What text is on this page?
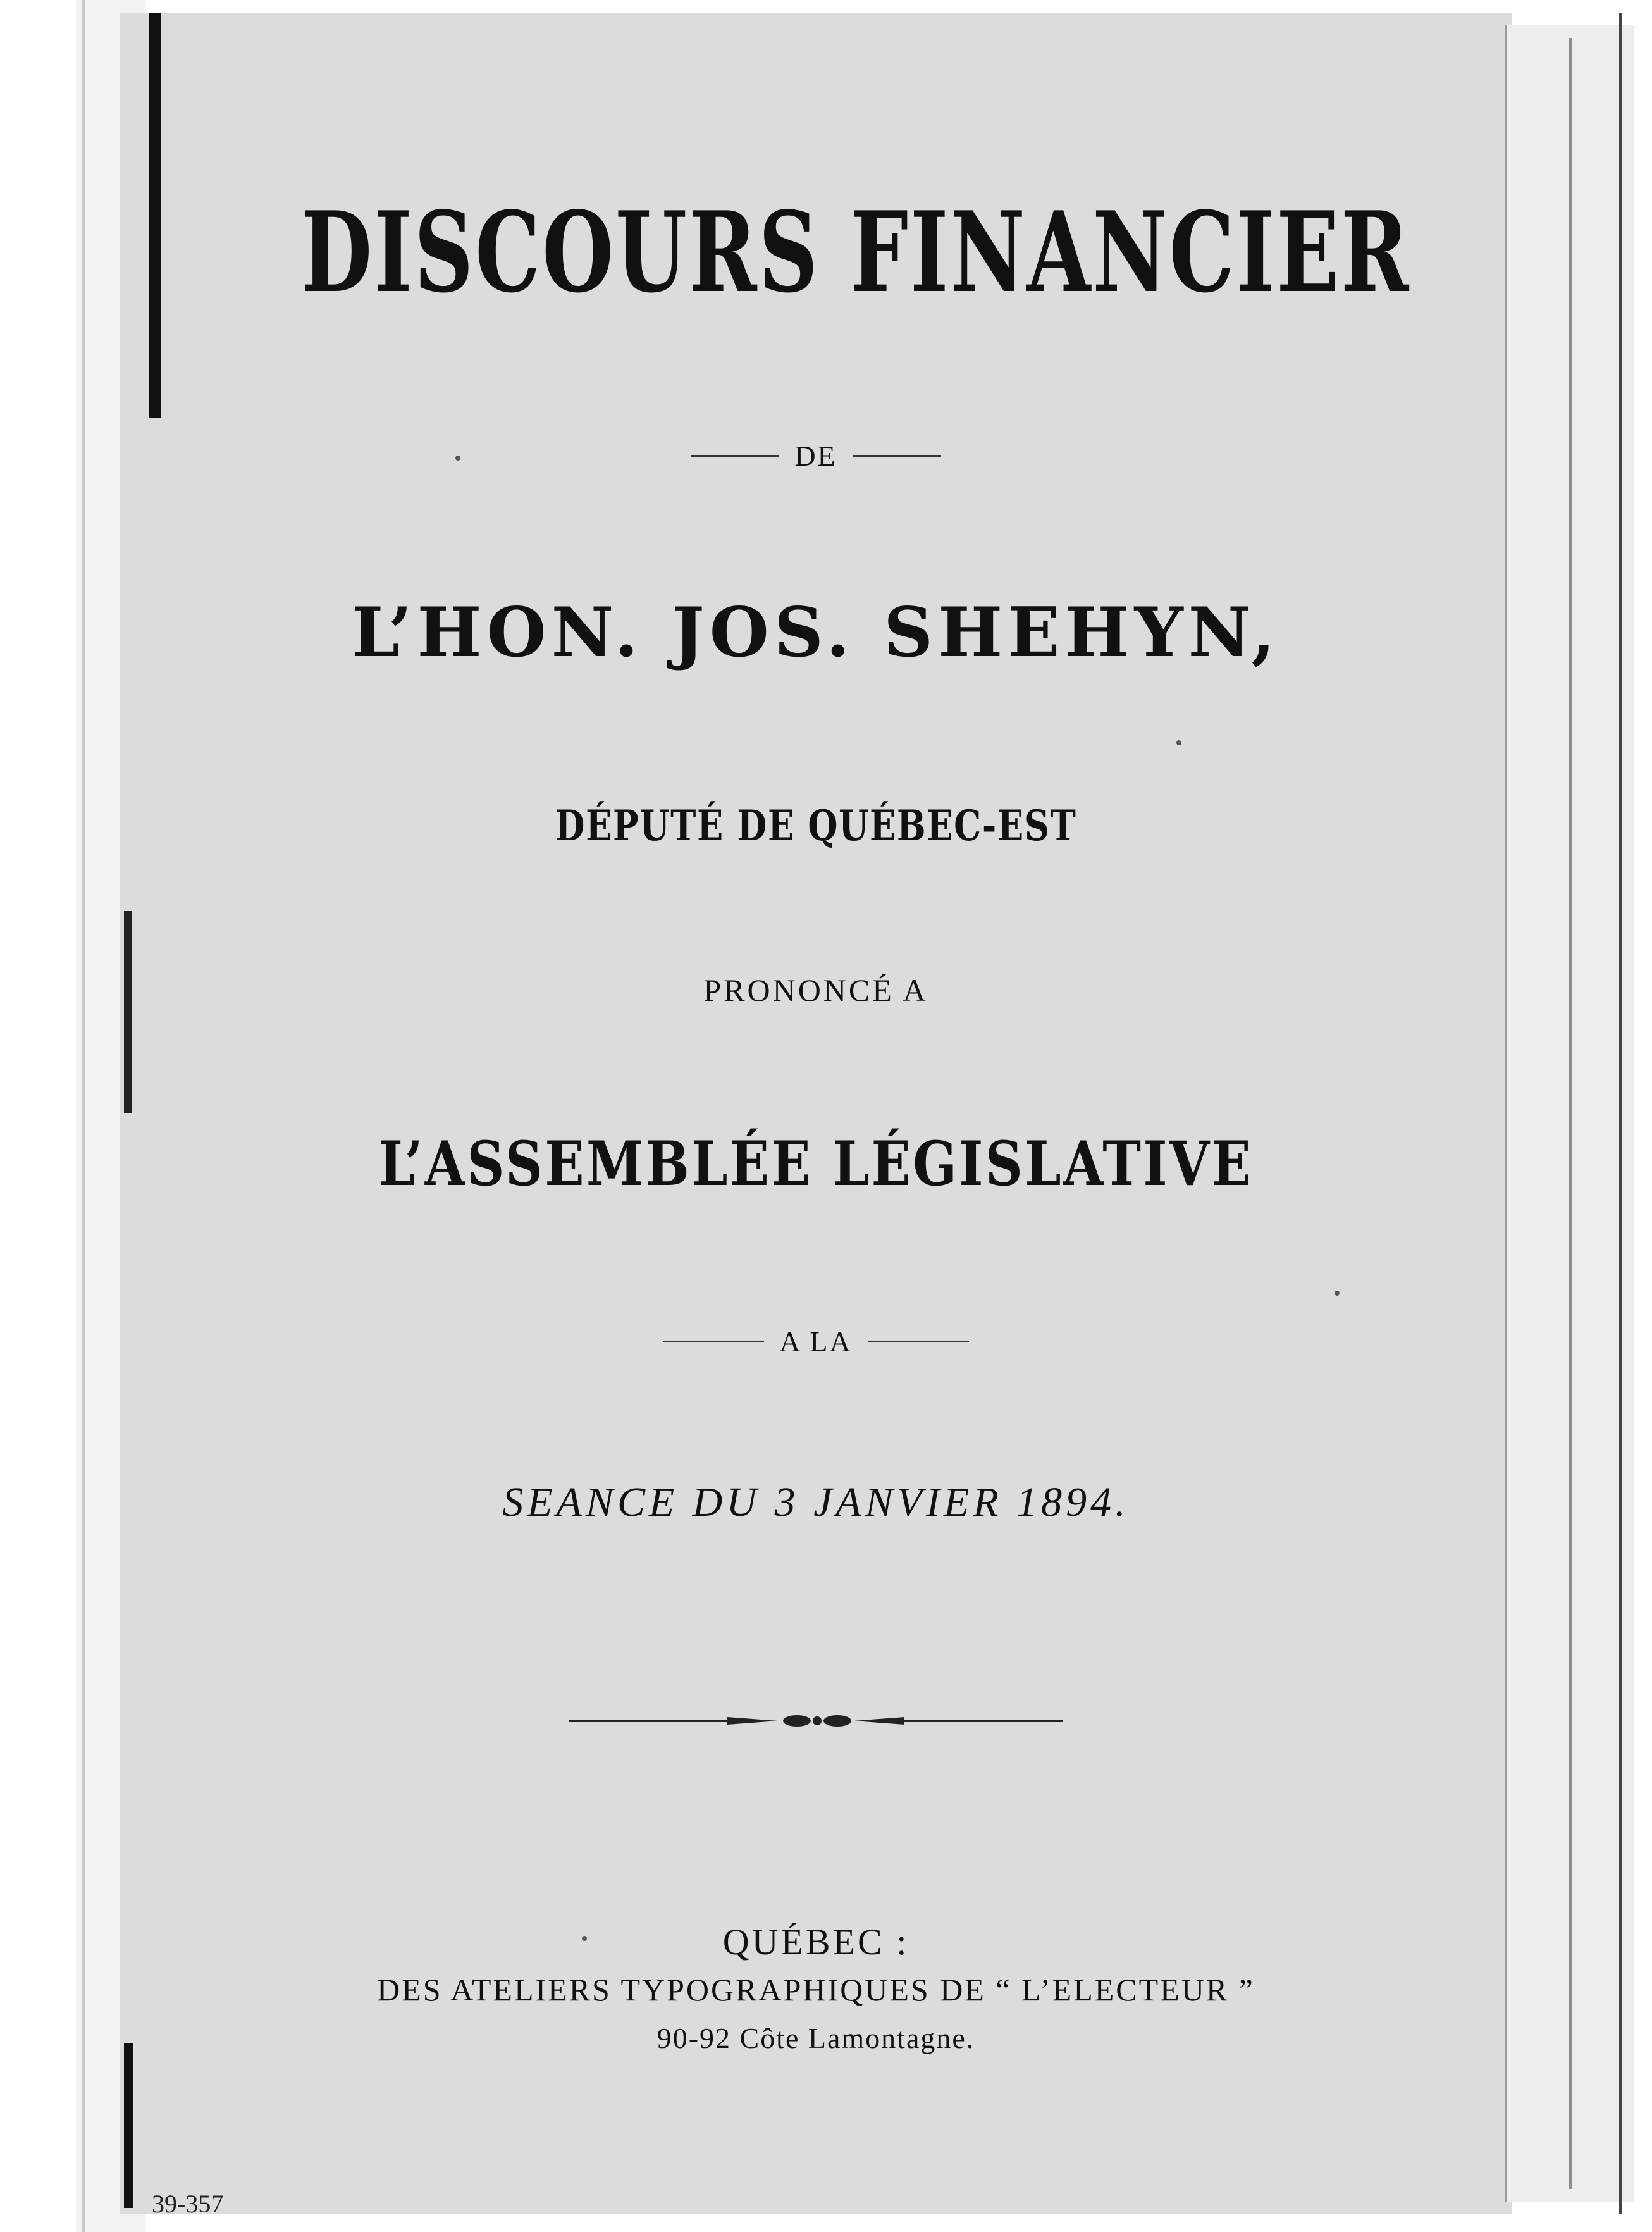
DISCOURS FINANCIER
DE
L’HON. JOS. SHEHYN,
DÉPUTÉ DE QUÉBEC-EST
PRONONCÉ A
L’ASSEMBLÉE LÉGISLATIVE
A LA
SEANCE DU 3 JANVIER 1894.
QUÉBEC :
DES ATELIERS TYPOGRAPHIQUES DE “ L’ELECTEUR ”
90-92 Côte Lamontagne.
39-357
